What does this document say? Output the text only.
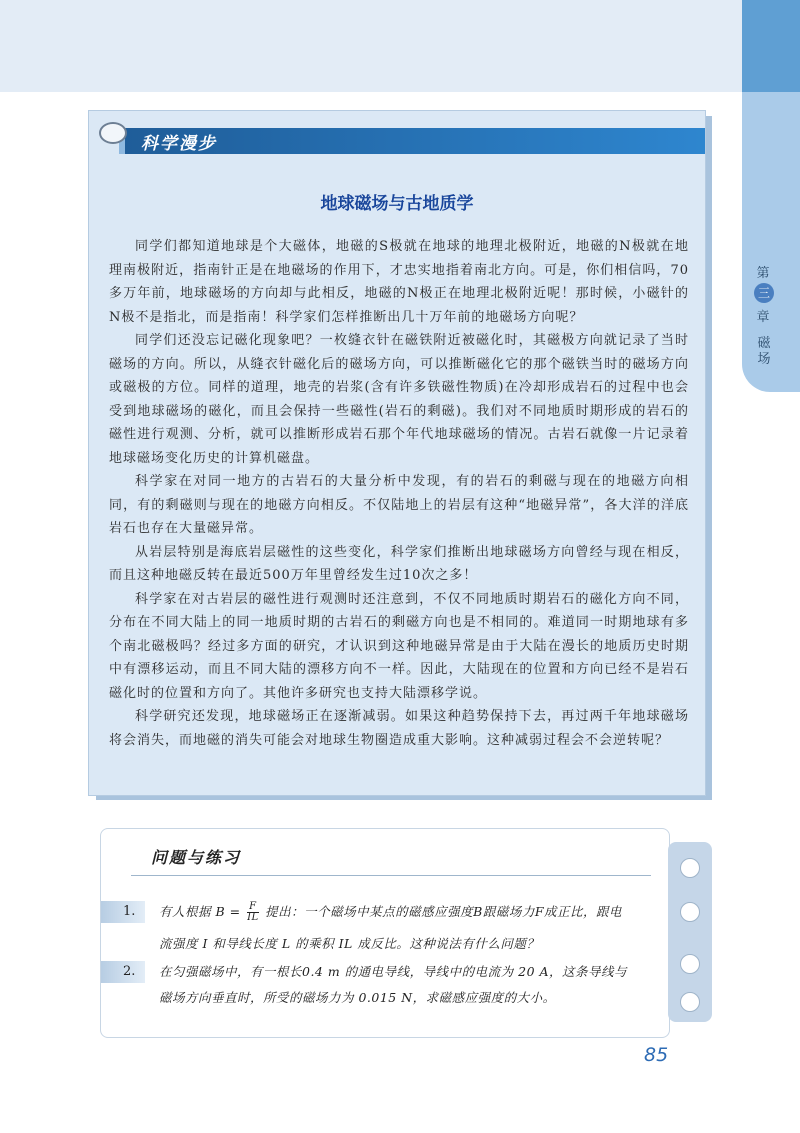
第
三
章
磁场
科学漫步
地球磁场与古地质学

同学们都知道地球是个大磁体，地磁的S极就在地球的地理北极附近，地磁的N极就在地理南极附近，指南针正是在地磁场的作用下，才忠实地指着南北方向。可是，你们相信吗，70多万年前，地球磁场的方向却与此相反，地磁的N极正在地理北极附近呢！那时候，小磁针的N极不是指北，而是指南！科学家们怎样推断出几十万年前的地磁场方向呢？

同学们还没忘记磁化现象吧？一枚缝衣针在磁铁附近被磁化时，其磁极方向就记录了当时磁场的方向。所以，从缝衣针磁化后的磁场方向，可以推断磁化它的那个磁铁当时的磁场方向或磁极的方位。同样的道理，地壳的岩浆(含有许多铁磁性物质)在冷却形成岩石的过程中也会受到地球磁场的磁化，而且会保持一些磁性(岩石的剩磁)。我们对不同地质时期形成的岩石的磁性进行观测、分析，就可以推断形成岩石那个年代地球磁场的情况。古岩石就像一片记录着地球磁场变化历史的计算机磁盘。

科学家在对同一地方的古岩石的大量分析中发现，有的岩石的剩磁与现在的地磁方向相同，有的剩磁则与现在的地磁方向相反。不仅陆地上的岩层有这种“地磁异常”，各大洋的洋底岩石也存在大量磁异常。

从岩层特别是海底岩层磁性的这些变化，科学家们推断出地球磁场方向曾经与现在相反，而且这种地磁反转在最近500万年里曾经发生过10次之多！

科学家在对古岩层的磁性进行观测时还注意到，不仅不同地质时期岩石的磁化方向不同，分布在不同大陆上的同一地质时期的古岩石的剩磁方向也是不相同的。难道同一时期地球有多个南北磁极吗？经过多方面的研究，才认识到这种地磁异常是由于大陆在漫长的地质历史时期中有漂移运动，而且不同大陆的漂移方向不一样。因此，大陆现在的位置和方向已经不是岩石磁化时的位置和方向了。其他许多研究也支持大陆漂移学说。

科学研究还发现，地球磁场正在逐渐减弱。如果这种趋势保持下去，再过两千年地球磁场将会消失，而地磁的消失可能会对地球生物圈造成重大影响。这种减弱过程会不会逆转呢？

问题与练习
1.	有人根据 $B = \frac{F}{IL}$ 提出：一个磁场中某点的磁感应强度B跟磁场力F成正比，跟电
流强度 I 和导线长度 L 的乘积 IL 成反比。这种说法有什么问题？
2.	在匀强磁场中，有一根长0.4 m 的通电导线，导线中的电流为 20 A，这条导线与
磁场方向垂直时，所受的磁场力为 0.015 N，求磁感应强度的大小。
85
